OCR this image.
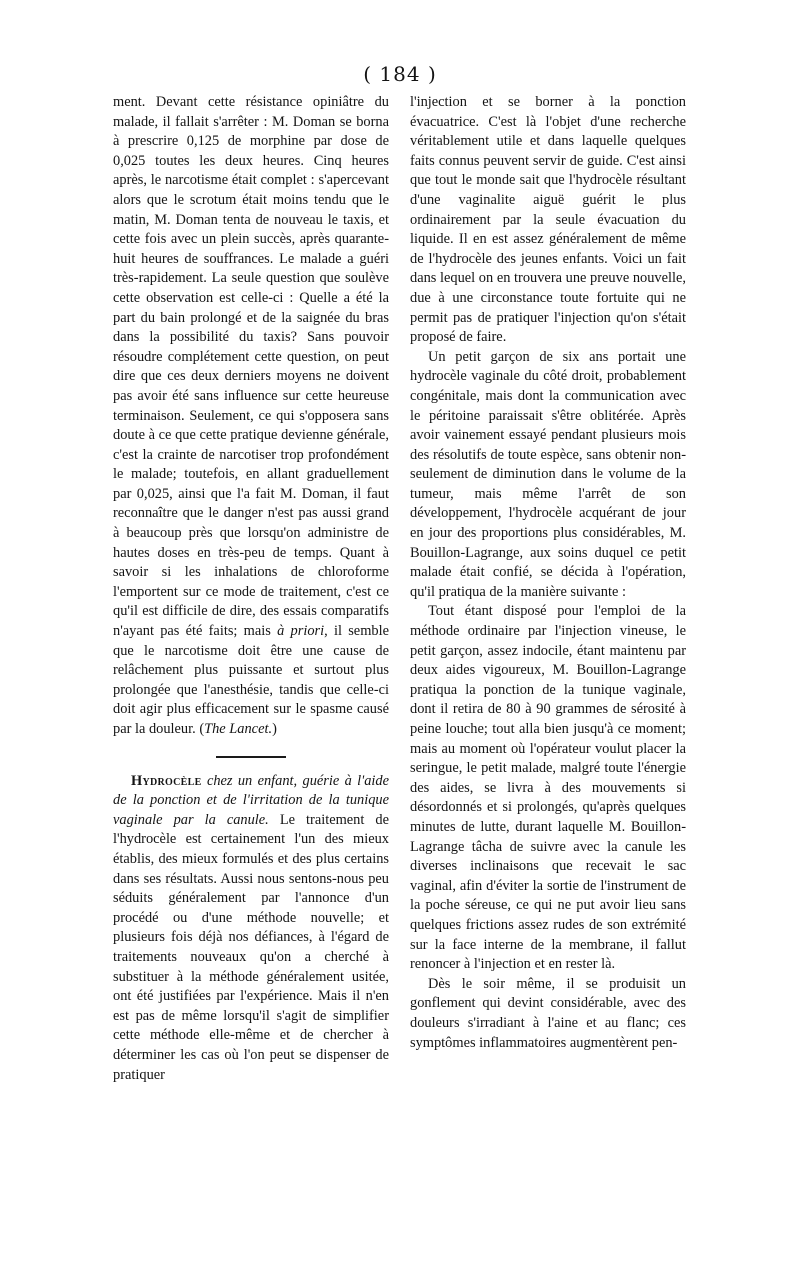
( 184 )

ment. Devant cette résistance opiniâtre du malade, il fallait s'arrêter : M. Doman se borna à prescrire 0,125 de morphine par dose de 0,025 toutes les deux heures. Cinq heures après, le narcotisme était complet : s'apercevant alors que le scrotum était moins tendu que le matin, M. Doman tenta de nouveau le taxis, et cette fois avec un plein succès, après quarante-huit heures de souffrances. Le malade a guéri très-rapidement. La seule question que soulève cette observation est celle-ci : Quelle a été la part du bain prolongé et de la saignée du bras dans la possibilité du taxis? Sans pouvoir résoudre complétement cette question, on peut dire que ces deux derniers moyens ne doivent pas avoir été sans influence sur cette heureuse terminaison. Seulement, ce qui s'opposera sans doute à ce que cette pratique devienne générale, c'est la crainte de narcotiser trop profondément le malade; toutefois, en allant graduellement par 0,025, ainsi que l'a fait M. Doman, il faut reconnaître que le danger n'est pas aussi grand à beaucoup près que lorsqu'on administre de hautes doses en très-peu de temps. Quant à savoir si les inhalations de chloroforme l'emportent sur ce mode de traitement, c'est ce qu'il est difficile de dire, des essais comparatifs n'ayant pas été faits; mais à priori, il semble que le narcotisme doit être une cause de relâchement plus puissante et surtout plus prolongée que l'anesthésie, tandis que celle-ci doit agir plus efficacement sur le spasme causé par la douleur. (The Lancet.)

Hydrocèle chez un enfant, guérie à l'aide de la ponction et de l'irritation de la tunique vaginale par la canule. Le traitement de l'hydrocèle est certainement l'un des mieux établis, des mieux formulés et des plus certains dans ses résultats. Aussi nous sentons-nous peu séduits généralement par l'annonce d'un procédé ou d'une méthode nouvelle; et plusieurs fois déjà nos défiances, à l'égard de traitements nouveaux qu'on a cherché à substituer à la méthode généralement usitée, ont été justifiées par l'expérience. Mais il n'en est pas de même lorsqu'il s'agit de simplifier cette méthode elle-même et de chercher à déterminer les cas où l'on peut se dispenser de pratiquer

l'injection et se borner à la ponction évacuatrice. C'est là l'objet d'une recherche véritablement utile et dans laquelle quelques faits connus peuvent servir de guide. C'est ainsi que tout le monde sait que l'hydrocèle résultant d'une vaginalite aiguë guérit le plus ordinairement par la seule évacuation du liquide. Il en est assez généralement de même de l'hydrocèle des jeunes enfants. Voici un fait dans lequel on en trouvera une preuve nouvelle, due à une circonstance toute fortuite qui ne permit pas de pratiquer l'injection qu'on s'était proposé de faire.

Un petit garçon de six ans portait une hydrocèle vaginale du côté droit, probablement congénitale, mais dont la communication avec le péritoine paraissait s'être oblitérée. Après avoir vainement essayé pendant plusieurs mois des résolutifs de toute espèce, sans obtenir non-seulement de diminution dans le volume de la tumeur, mais même l'arrêt de son développement, l'hydrocèle acquérant de jour en jour des proportions plus considérables, M. Bouillon-Lagrange, aux soins duquel ce petit malade était confié, se décida à l'opération, qu'il pratiqua de la manière suivante :

Tout étant disposé pour l'emploi de la méthode ordinaire par l'injection vineuse, le petit garçon, assez indocile, étant maintenu par deux aides vigoureux, M. Bouillon-Lagrange pratiqua la ponction de la tunique vaginale, dont il retira de 80 à 90 grammes de sérosité à peine louche; tout alla bien jusqu'à ce moment; mais au moment où l'opérateur voulut placer la seringue, le petit malade, malgré toute l'énergie des aides, se livra à des mouvements si désordonnés et si prolongés, qu'après quelques minutes de lutte, durant laquelle M. Bouillon-Lagrange tâcha de suivre avec la canule les diverses inclinaisons que recevait le sac vaginal, afin d'éviter la sortie de l'instrument de la poche séreuse, ce qui ne put avoir lieu sans quelques frictions assez rudes de son extrémité sur la face interne de la membrane, il fallut renoncer à l'injection et en rester là.

Dès le soir même, il se produisit un gonflement qui devint considérable, avec des douleurs s'irradiant à l'aine et au flanc; ces symptômes inflammatoires augmentèrent pen-
